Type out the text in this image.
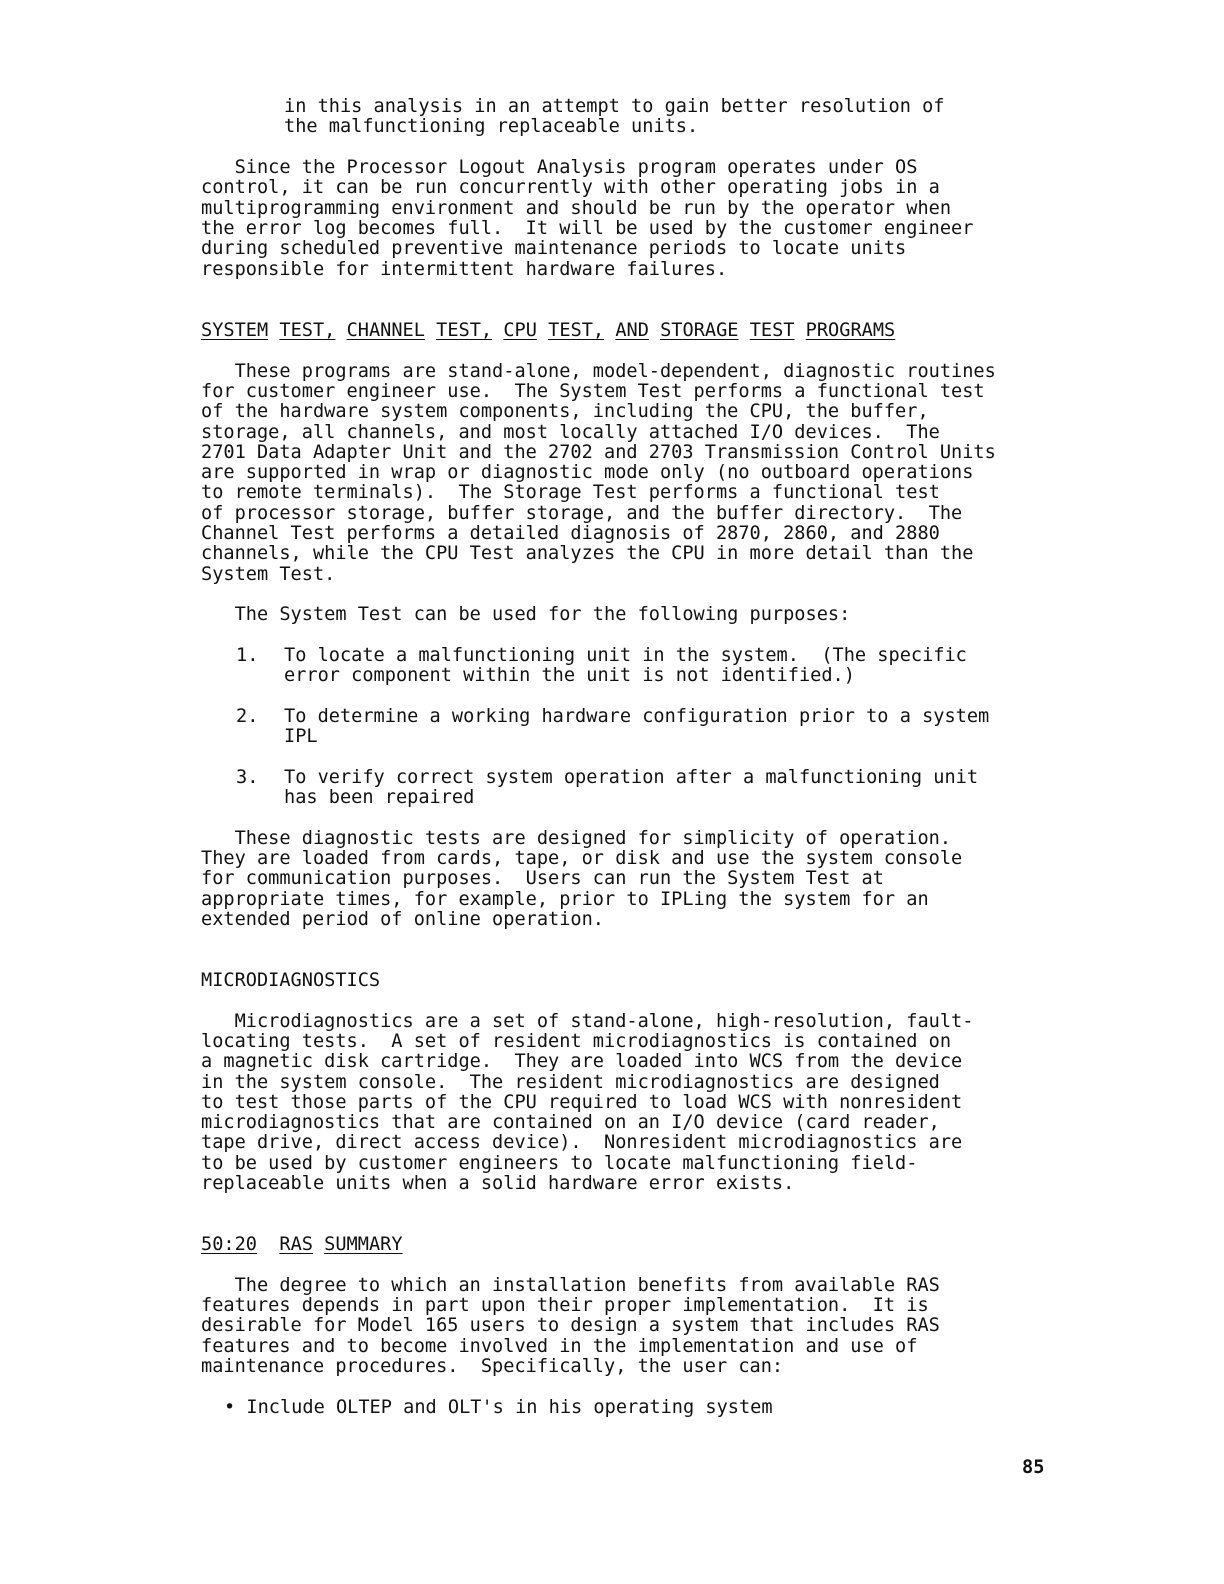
in this analysis in an attempt to gain better resolution of
the malfunctioning replaceable units.
Since the Processor Logout Analysis program operates under OS
control, it can be run concurrently with other operating jobs in a
multiprogramming environment and should be run by the operator when
the error log becomes full.  It will be used by the customer engineer
during scheduled preventive maintenance periods to locate units
responsible for intermittent hardware failures.
SYSTEM TEST, CHANNEL TEST, CPU TEST, AND STORAGE TEST PROGRAMS
These programs are stand-alone, model-dependent, diagnostic routines
for customer engineer use.  The System Test performs a functional test
of the hardware system components, including the CPU, the buffer,
storage, all channels, and most locally attached I/O devices.  The
2701 Data Adapter Unit and the 2702 and 2703 Transmission Control Units
are supported in wrap or diagnostic mode only (no outboard operations
to remote terminals).  The Storage Test performs a functional test
of processor storage, buffer storage, and the buffer directory.  The
Channel Test performs a detailed diagnosis of 2870, 2860, and 2880
channels, while the CPU Test analyzes the CPU in more detail than the
System Test.
The System Test can be used for the following purposes:
1. To locate a malfunctioning unit in the system.  (The specific
error component within the unit is not identified.)
2. To determine a working hardware configuration prior to a system
IPL
3. To verify correct system operation after a malfunctioning unit
has been repaired
These diagnostic tests are designed for simplicity of operation.
They are loaded from cards, tape, or disk and use the system console
for communication purposes.  Users can run the System Test at
appropriate times, for example, prior to IPLing the system for an
extended period of online operation.
MICRODIAGNOSTICS
Microdiagnostics are a set of stand-alone, high-resolution, fault-
locating tests.  A set of resident microdiagnostics is contained on
a magnetic disk cartridge.  They are loaded into WCS from the device
in the system console.  The resident microdiagnostics are designed
to test those parts of the CPU required to load WCS with nonresident
microdiagnostics that are contained on an I/O device (card reader,
tape drive, direct access device).  Nonresident microdiagnostics are
to be used by customer engineers to locate malfunctioning field-
replaceable units when a solid hardware error exists.
50:20 RAS SUMMARY
The degree to which an installation benefits from available RAS
features depends in part upon their proper implementation.  It is
desirable for Model 165 users to design a system that includes RAS
features and to become involved in the implementation and use of
maintenance procedures.  Specifically, the user can:
• Include OLTEP and OLT's in his operating system
85
